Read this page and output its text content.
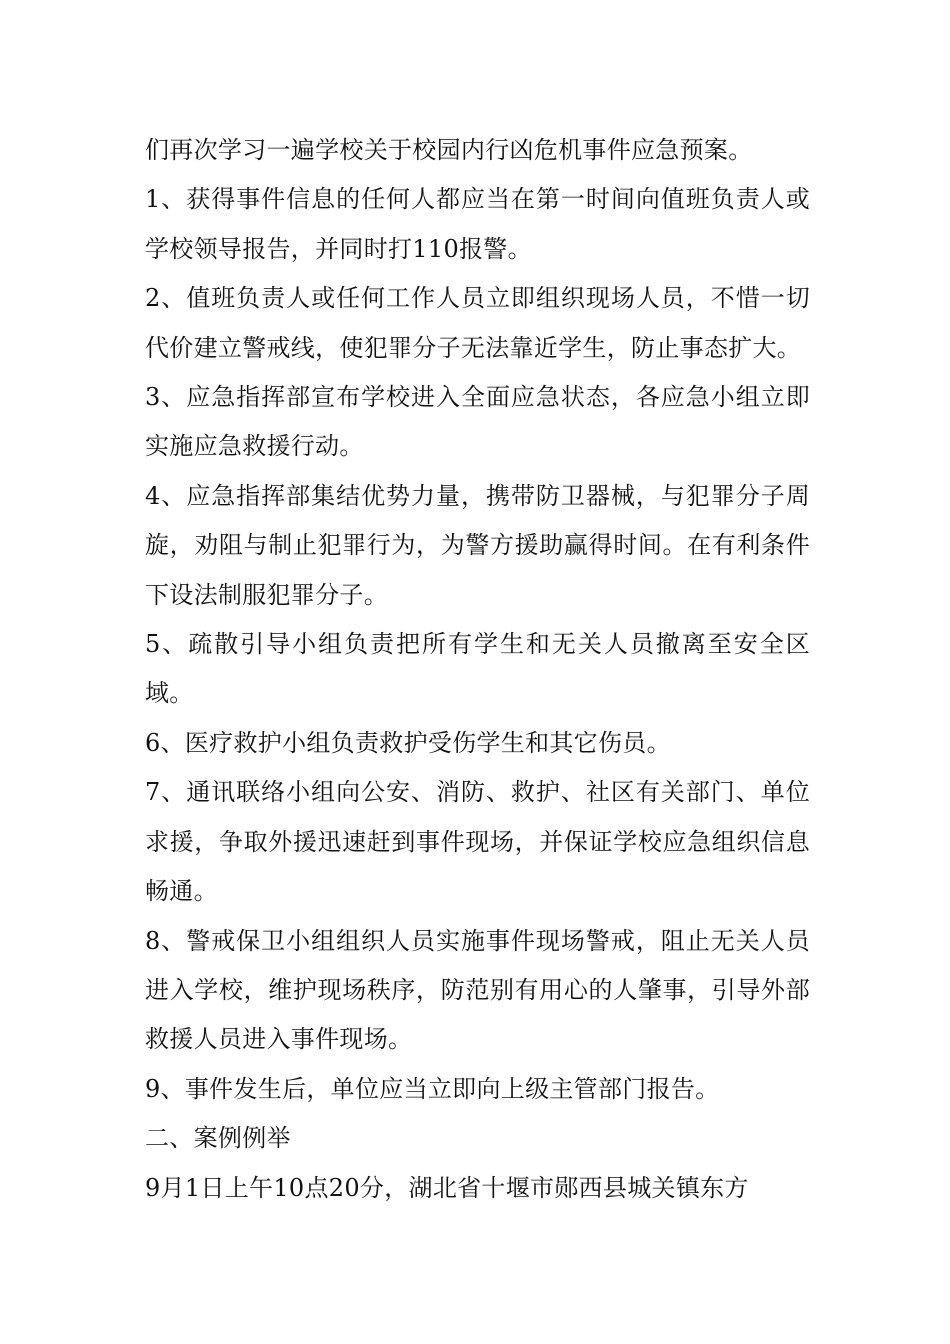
们再次学习一遍学校关于校园内行凶危机事件应急预案。

1、获得事件信息的任何人都应当在第一时间向值班负责人或学校领导报告，并同时打110报警。

2、值班负责人或任何工作人员立即组织现场人员，不惜一切代价建立警戒线，使犯罪分子无法靠近学生，防止事态扩大。

3、应急指挥部宣布学校进入全面应急状态，各应急小组立即实施应急救援行动。

4、应急指挥部集结优势力量，携带防卫器械，与犯罪分子周旋，劝阻与制止犯罪行为，为警方援助赢得时间。在有利条件下设法制服犯罪分子。

5、疏散引导小组负责把所有学生和无关人员撤离至安全区域。

6、医疗救护小组负责救护受伤学生和其它伤员。

7、通讯联络小组向公安、消防、救护、社区有关部门、单位求援，争取外援迅速赶到事件现场，并保证学校应急组织信息畅通。

8、警戒保卫小组组织人员实施事件现场警戒，阻止无关人员进入学校，维护现场秩序，防范别有用心的人肇事，引导外部救援人员进入事件现场。

9、事件发生后，单位应当立即向上级主管部门报告。

二、案例例举

9月1日上午10点20分，湖北省十堰市郧西县城关镇东方
